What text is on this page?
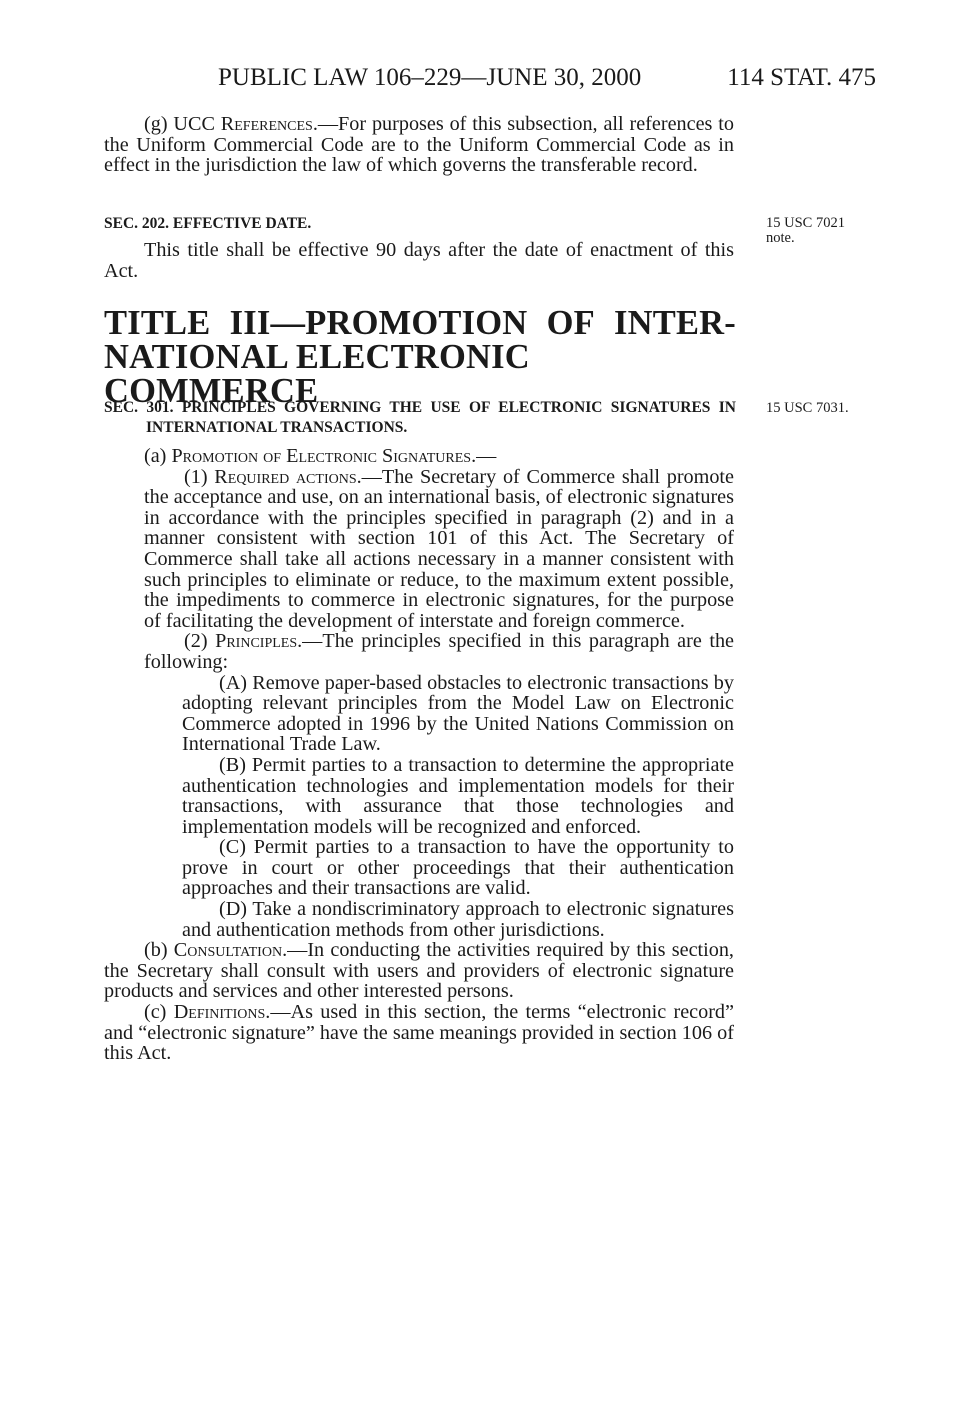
PUBLIC LAW 106–229—JUNE 30, 2000	114 STAT. 475

(g) UCC References.—For purposes of this subsection, all references to the Uniform Commercial Code are to the Uniform Commercial Code as in effect in the jurisdiction the law of which governs the transferable record.

SEC. 202. EFFECTIVE DATE.	15 USC 7021
note.

This title shall be effective 90 days after the date of enactment of this Act.

TITLE III—PROMOTION OF INTER-
NATIONAL ELECTRONIC COMMERCE
SEC. 301. PRINCIPLES GOVERNING THE USE OF ELECTRONIC SIGNATURES IN INTERNATIONAL TRANSACTIONS.
15 USC 7031.

(a) Promotion of Electronic Signatures.—

(1) Required actions.—The Secretary of Commerce shall promote the acceptance and use, on an international basis, of electronic signatures in accordance with the principles specified in paragraph (2) and in a manner consistent with section 101 of this Act. The Secretary of Commerce shall take all actions necessary in a manner consistent with such principles to eliminate or reduce, to the maximum extent possible, the impediments to commerce in electronic signatures, for the purpose of facilitating the development of interstate and foreign commerce.

(2) Principles.—The principles specified in this paragraph are the following:

(A) Remove paper-based obstacles to electronic transactions by adopting relevant principles from the Model Law on Electronic Commerce adopted in 1996 by the United Nations Commission on International Trade Law.

(B) Permit parties to a transaction to determine the appropriate authentication technologies and implementation models for their transactions, with assurance that those technologies and implementation models will be recognized and enforced.

(C) Permit parties to a transaction to have the opportunity to prove in court or other proceedings that their authentication approaches and their transactions are valid.

(D) Take a nondiscriminatory approach to electronic signatures and authentication methods from other jurisdictions.

(b) Consultation.—In conducting the activities required by this section, the Secretary shall consult with users and providers of electronic signature products and services and other interested persons.

(c) Definitions.—As used in this section, the terms “electronic record” and “electronic signature” have the same meanings provided in section 106 of this Act.
